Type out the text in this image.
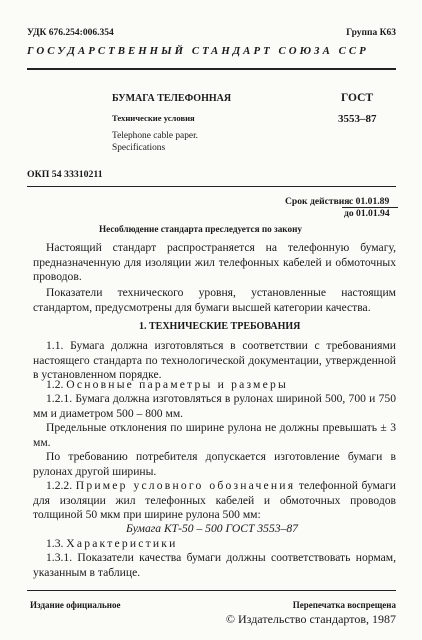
УДК 676.254:006.354	Группа К63
ГОСУДАРСТВЕННЫЙ СТАНДАРТ СОЮЗА ССР
БУМАГА ТЕЛЕФОННАЯ
Технические условия
Telephone cable paper.
Specifications
ГОСТ
3553–87
ОКП 54 33310211
Срок действия с 01.01.89
до 01.01.94
Несоблюдение стандарта преследуется по закону

Настоящий стандарт распространяется на телефонную бумагу, предназначенную для изоляции жил телефонных кабелей и обмоточных проводов.

Показатели технического уровня, установленные настоящим стандартом, предусмотрены для бумаги высшей категории качества.

1. ТЕХНИЧЕСКИЕ ТРЕБОВАНИЯ

1.1. Бумага должна изготовляться в соответствии с требованиями настоящего стандарта по технологической документации, утвержденной в установленном порядке.

1.2. Основные параметры и размеры

1.2.1. Бумага должна изготовляться в рулонах шириной 500, 700 и 750 мм и диаметром 500 – 800 мм.

Предельные отклонения по ширине рулона не должны превышать ± 3 мм.

По требованию потребителя допускается изготовление бумаги в рулонах другой ширины.

1.2.2. Пример условного обозначения телефонной бумаги для изоляции жил телефонных кабелей и обмоточных проводов толщиной 50 мкм при ширине рулона 500 мм:

Бумага КТ-50 – 500 ГОСТ 3553–87

1.3. Характеристики

1.3.1. Показатели качества бумаги должны соответствовать нормам, указанным в таблице.

Издание официальное	Перепечатка воспрещена
© Издательство стандартов, 1987
